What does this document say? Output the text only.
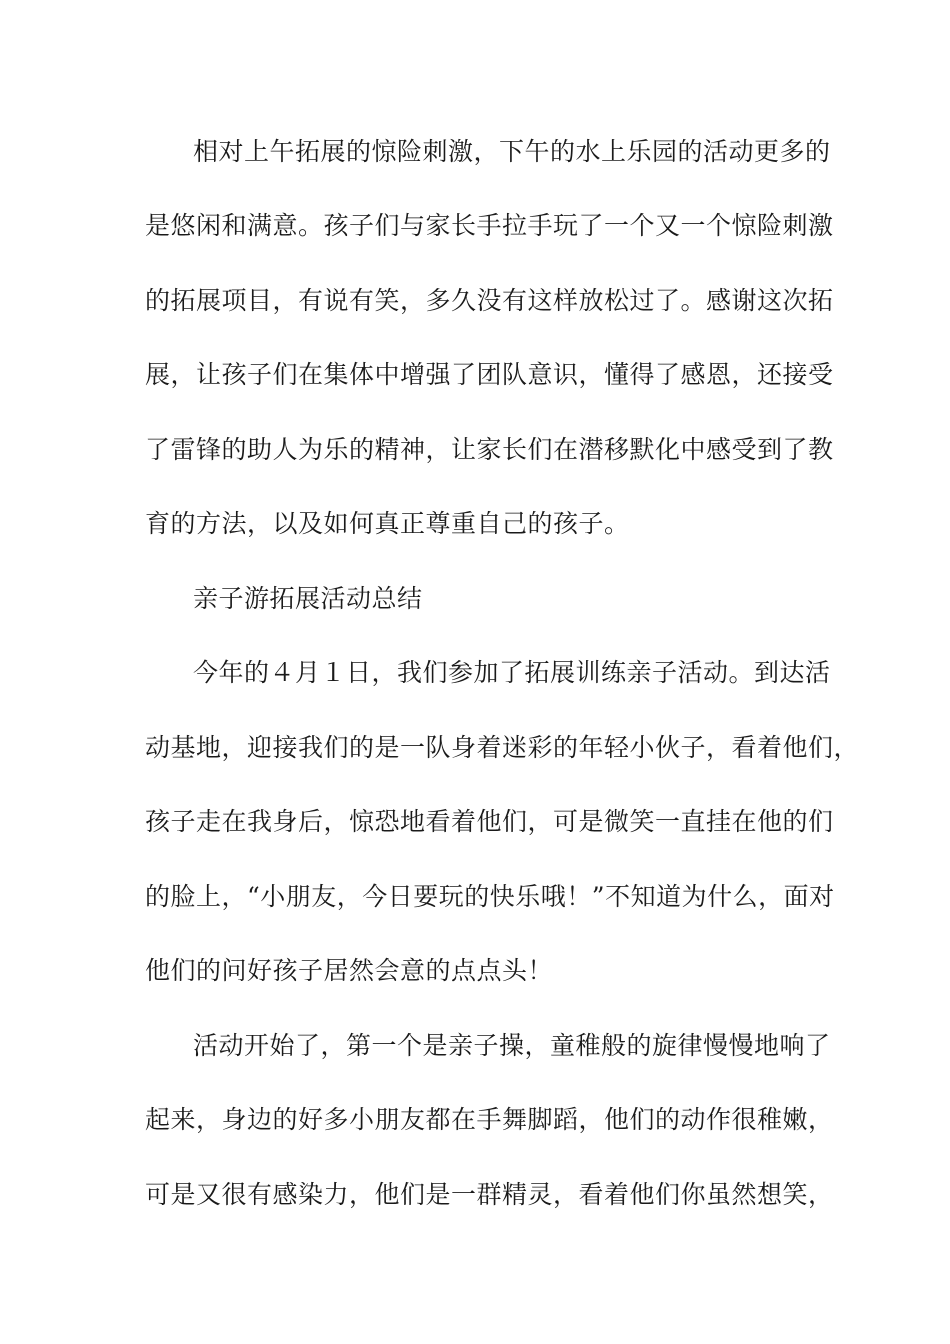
相对上午拓展的惊险刺激，下午的水上乐园的活动更多的
是悠闲和满意。孩子们与家长手拉手玩了一个又一个惊险刺激
的拓展项目，有说有笑，多久没有这样放松过了。感谢这次拓
展，让孩子们在集体中增强了团队意识，懂得了感恩，还接受
了雷锋的助人为乐的精神，让家长们在潜移默化中感受到了教
育的方法，以及如何真正尊重自己的孩子。
亲子游拓展活动总结
今年的４月１日，我们参加了拓展训练亲子活动。到达活
动基地，迎接我们的是一队身着迷彩的年轻小伙子，看着他们，
孩子走在我身后，惊恐地看着他们，可是微笑一直挂在他的们
的脸上，“小朋友，今日要玩的快乐哦！”不知道为什么，面对
他们的问好孩子居然会意的点点头！
活动开始了，第一个是亲子操，童稚般的旋律慢慢地响了
起来，身边的好多小朋友都在手舞脚蹈，他们的动作很稚嫩，
可是又很有感染力，他们是一群精灵，看着他们你虽然想笑，
